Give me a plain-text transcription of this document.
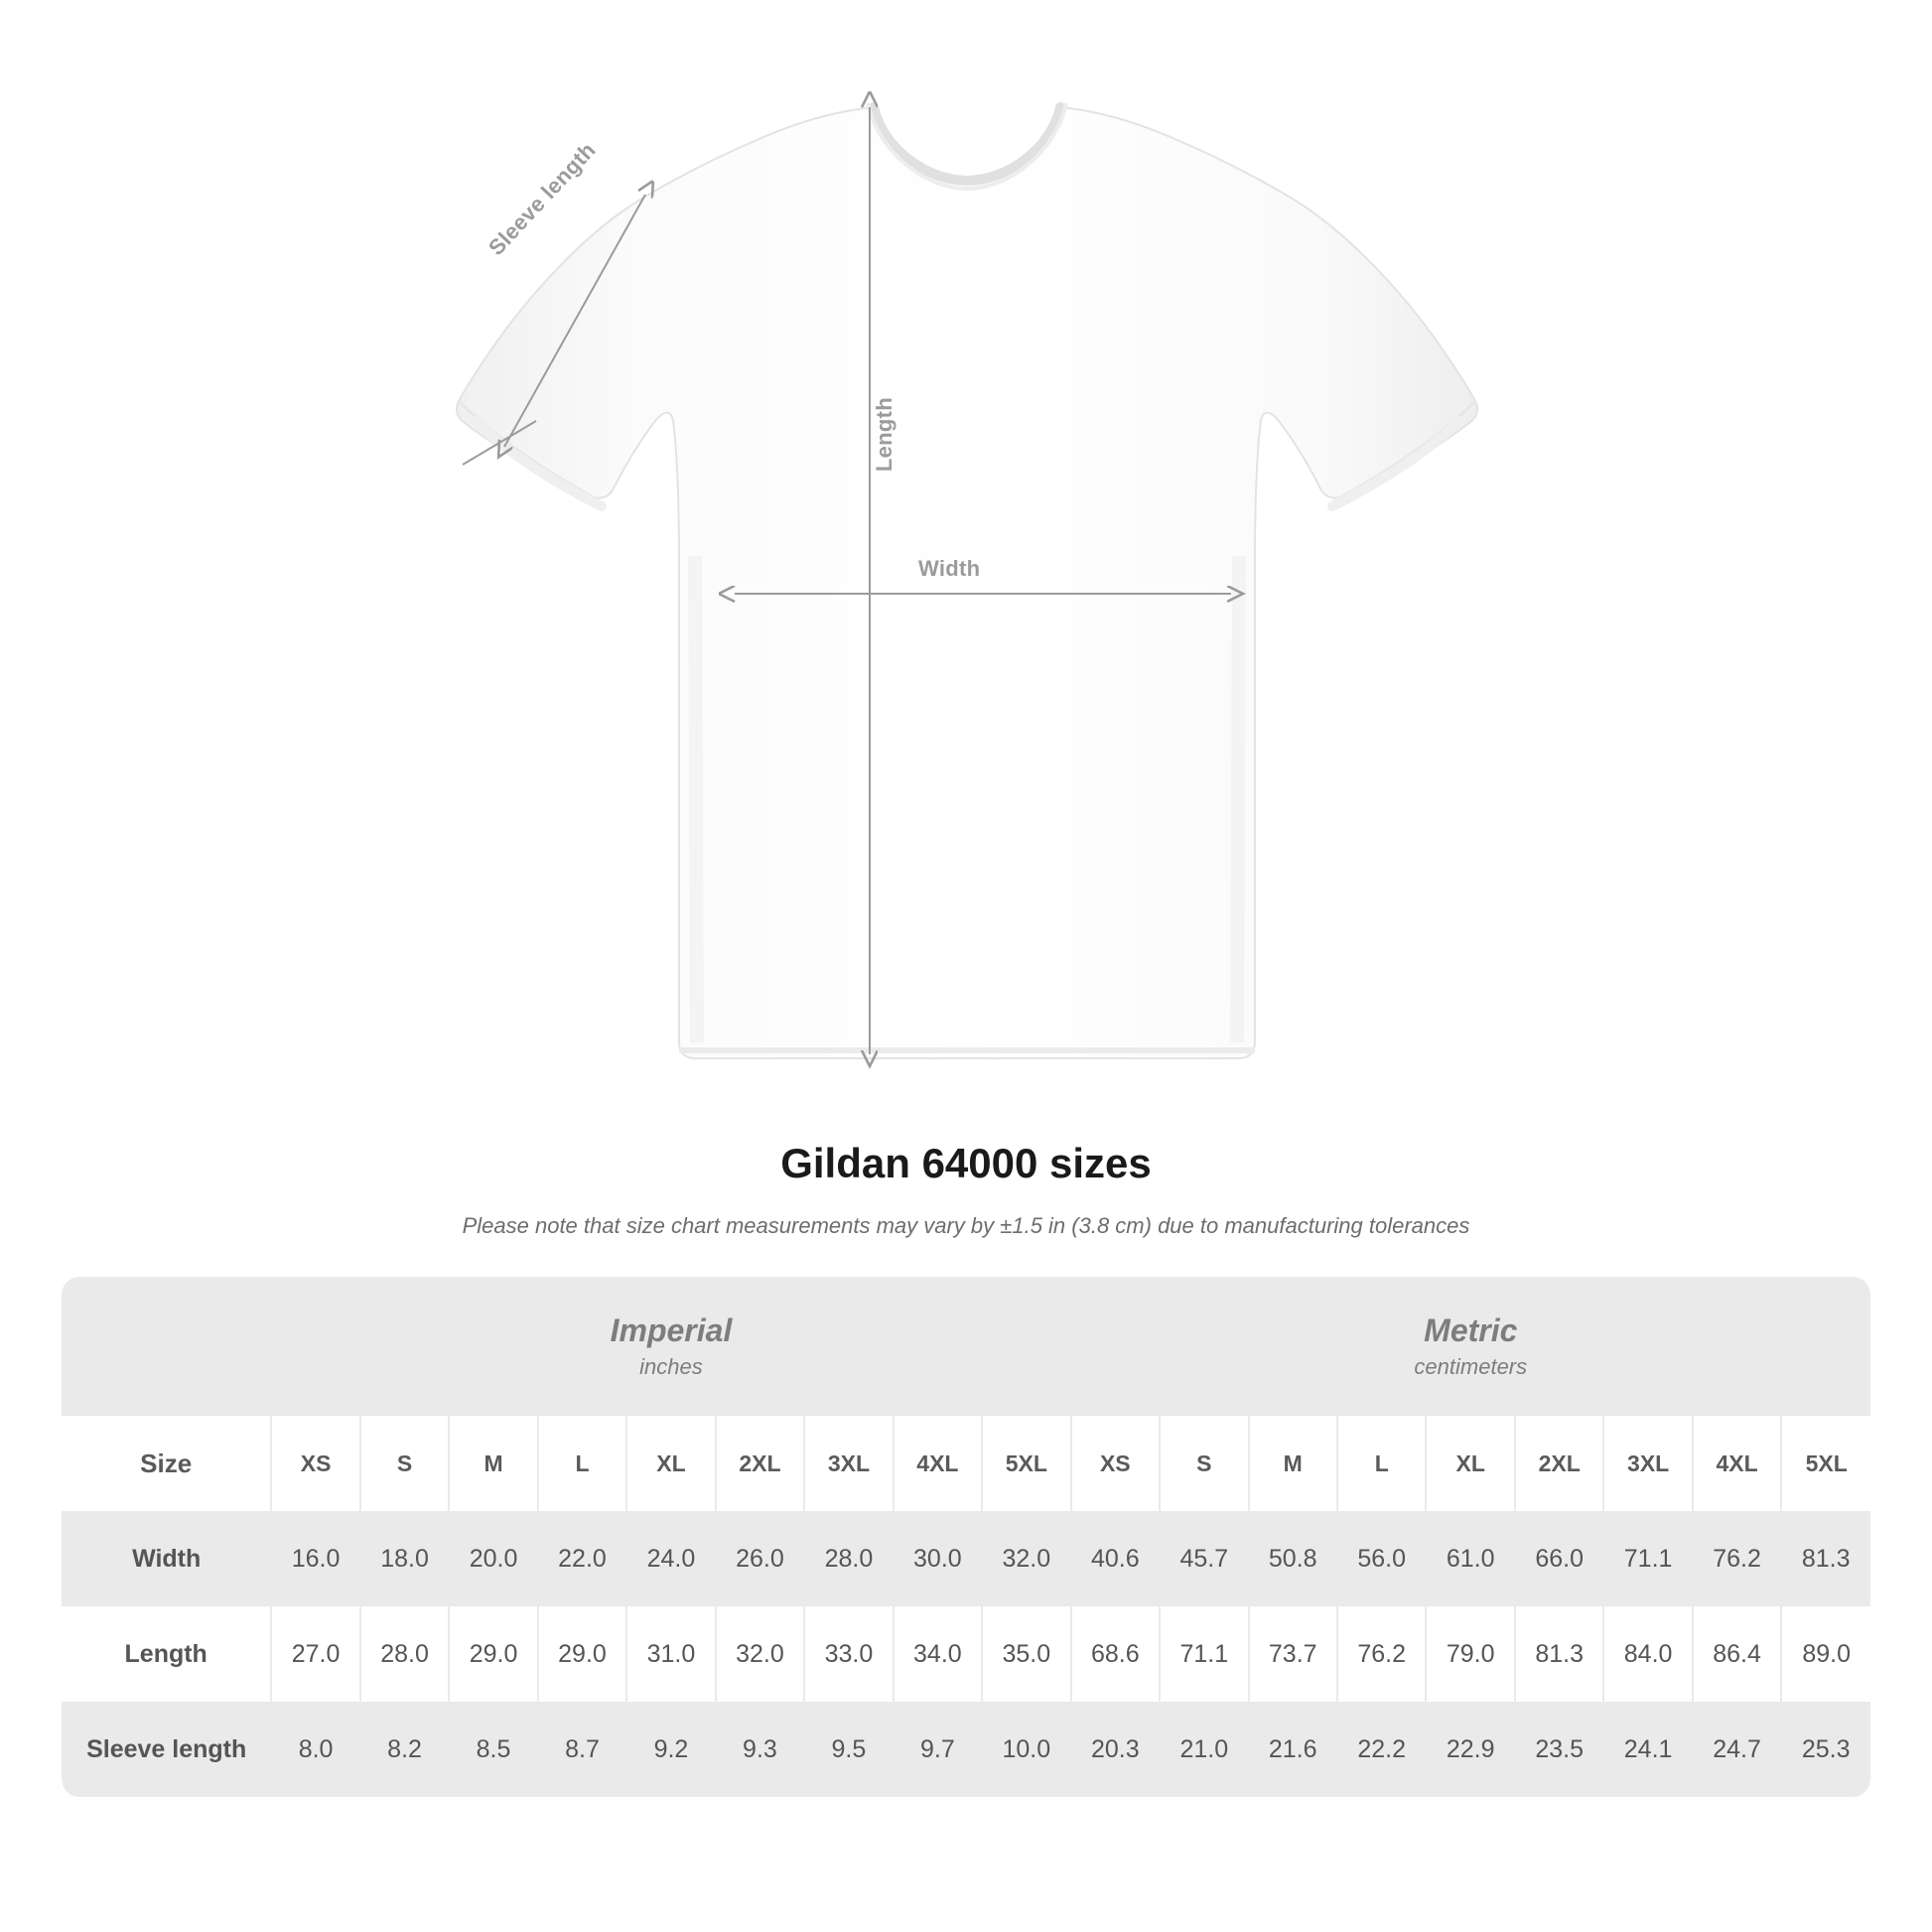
Width
Length
Sleeve length
Gildan 64000 sizes
Please note that size chart measurements may vary by ±1.5 in (3.8 cm) due to manufacturing tolerances

Imperial
inches

Metric
centimeters

Size	XS	S	M	L	XL	2XL	3XL	4XL	5XL	XS	S	M	L	XL	2XL	3XL	4XL	5XL
Width	16.0	18.0	20.0	22.0	24.0	26.0	28.0	30.0	32.0	40.6	45.7	50.8	56.0	61.0	66.0	71.1	76.2	81.3
Length	27.0	28.0	29.0	29.0	31.0	32.0	33.0	34.0	35.0	68.6	71.1	73.7	76.2	79.0	81.3	84.0	86.4	89.0
Sleeve length	8.0	8.2	8.5	8.7	9.2	9.3	9.5	9.7	10.0	20.3	21.0	21.6	22.2	22.9	23.5	24.1	24.7	25.3
